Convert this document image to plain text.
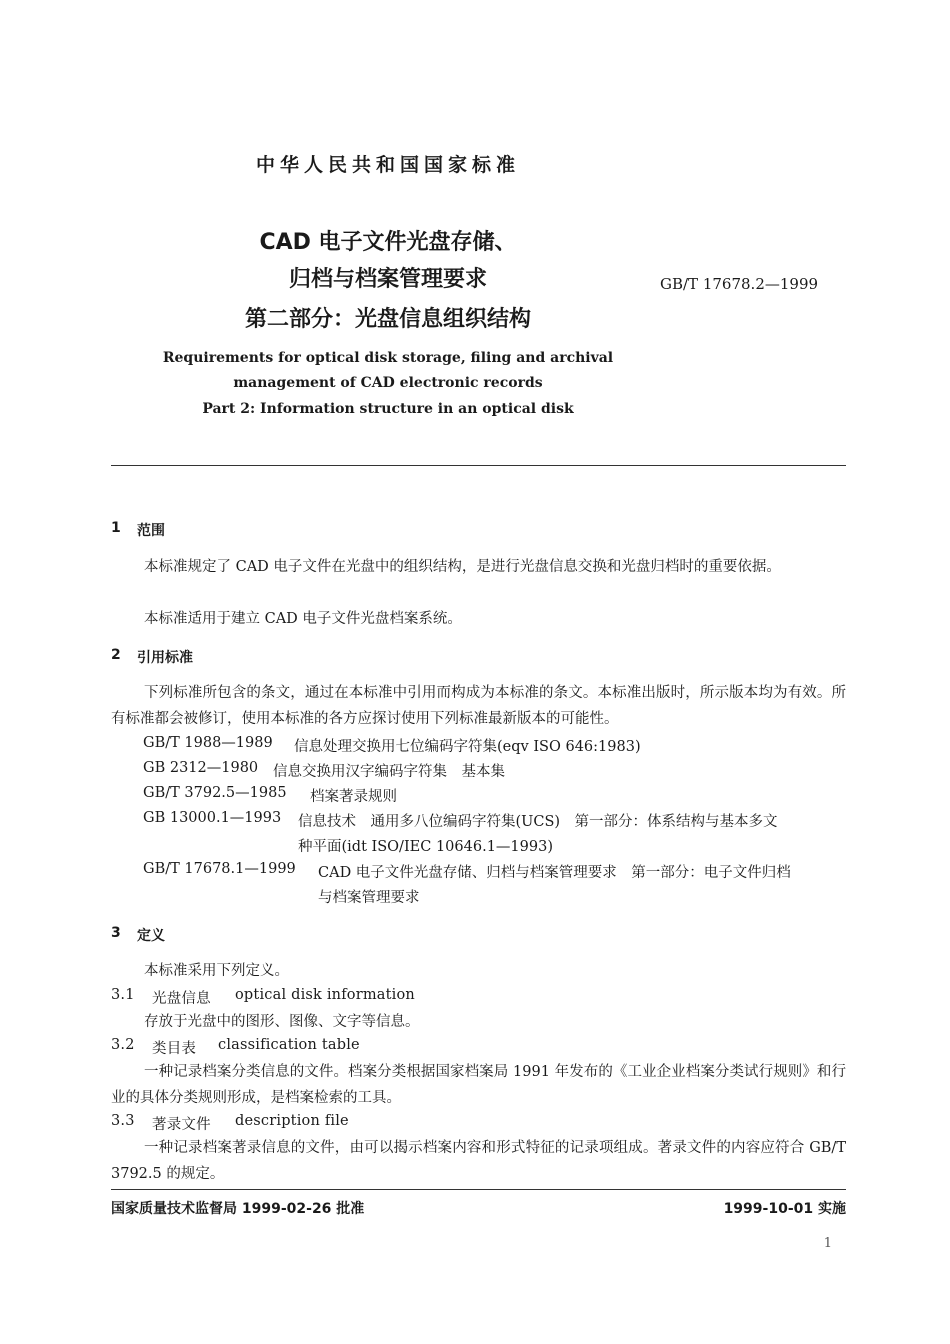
中华人民共和国国家标准
CAD 电子文件光盘存储、
归档与档案管理要求
第二部分：光盘信息组织结构
GB/T 17678.2—1999
Requirements for optical disk storage, filing and archival
management of CAD electronic records
Part 2: Information structure in an optical disk
1 范围
本标准规定了 CAD 电子文件在光盘中的组织结构，是进行光盘信息交换和光盘归档时的重要依据。
本标准适用于建立 CAD 电子文件光盘档案系统。
2 引用标准
下列标准所包含的条文，通过在本标准中引用而构成为本标准的条文。本标准出版时，所示版本均为有效。所有标准都会被修订，使用本标准的各方应探讨使用下列标准最新版本的可能性。
GB/T 1988—1989 信息处理交换用七位编码字符集(eqv ISO 646:1983)
GB 2312—1980 信息交换用汉字编码字符集　基本集
GB/T 3792.5—1985 档案著录规则
GB 13000.1—1993 信息技术　通用多八位编码字符集(UCS)　第一部分：体系结构与基本多文
种平面(idt ISO/IEC 10646.1—1993)
GB/T 17678.1—1999 CAD 电子文件光盘存储、归档与档案管理要求　第一部分：电子文件归档
与档案管理要求
3 定义
本标准采用下列定义。
3.1 光盘信息 optical disk information
存放于光盘中的图形、图像、文字等信息。
3.2 类目表 classification table
一种记录档案分类信息的文件。档案分类根据国家档案局 1991 年发布的《工业企业档案分类试行规则》和行业的具体分类规则形成，是档案检索的工具。
3.3 著录文件 description file
一种记录档案著录信息的文件，由可以揭示档案内容和形式特征的记录项组成。著录文件的内容应符合 GB/T 3792.5 的规定。
国家质量技术监督局 1999-02-26 批准	1999-10-01 实施
1
